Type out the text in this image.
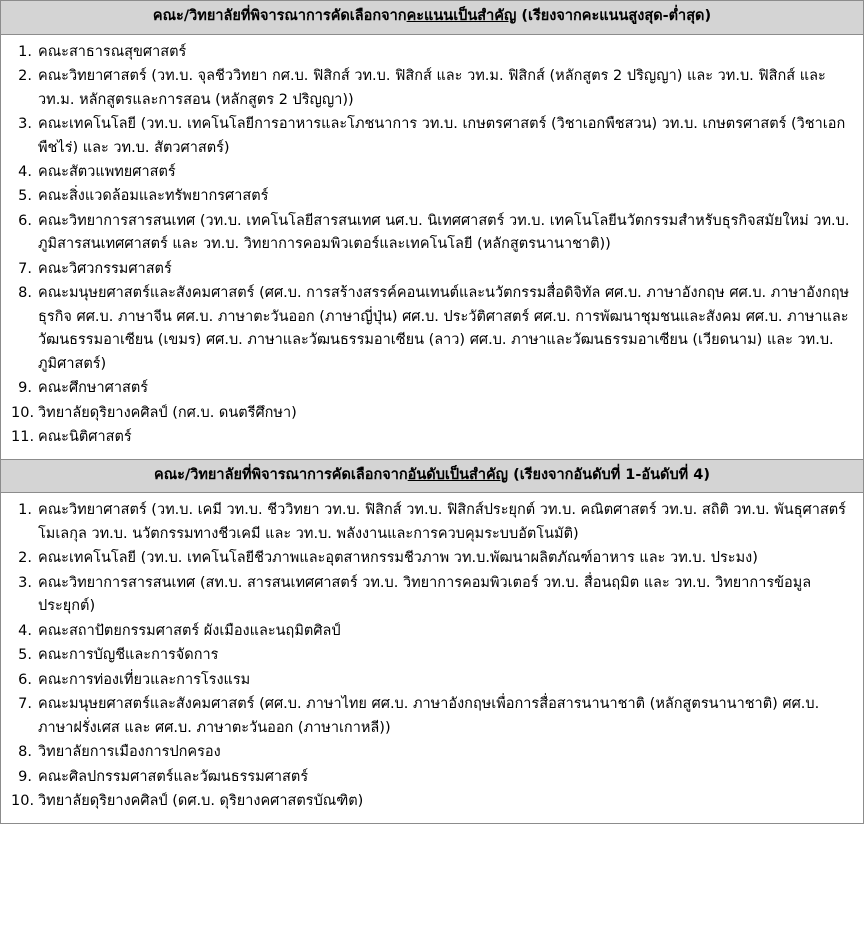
คณะ/วิทยาลัยที่พิจารณาการคัดเลือกจากคะแนนเป็นสำคัญ (เรียงจากคะแนนสูงสุด-ต่ำสุด)
1. คณะสาธารณสุขศาสตร์
2. คณะวิทยาศาสตร์ (วท.บ. จุลชีววิทยา กศ.บ. ฟิสิกส์ วท.บ. ฟิสิกส์ และ วท.ม. ฟิสิกส์ (หลักสูตร 2 ปริญญา) และ วท.บ. ฟิสิกส์ และ วท.ม. หลักสูตรและการสอน (หลักสูตร 2 ปริญญา))
3. คณะเทคโนโลยี (วท.บ. เทคโนโลยีการอาหารและโภชนาการ วท.บ. เกษตรศาสตร์ (วิชาเอกพืชสวน) วท.บ. เกษตรศาสตร์ (วิชาเอกพืชไร่) และ วท.บ. สัตวศาสตร์)
4. คณะสัตวแพทยศาสตร์
5. คณะสิ่งแวดล้อมและทรัพยากรศาสตร์
6. คณะวิทยาการสารสนเทศ (วท.บ. เทคโนโลยีสารสนเทศ นศ.บ. นิเทศศาสตร์ วท.บ. เทคโนโลยีนวัตกรรมสำหรับธุรกิจสมัยใหม่ วท.บ. ภูมิสารสนเทศศาสตร์ และ วท.บ. วิทยาการคอมพิวเตอร์และเทคโนโลยี (หลักสูตรนานาชาติ))
7. คณะวิศวกรรมศาสตร์
8. คณะมนุษยศาสตร์และสังคมศาสตร์ (ศศ.บ. การสร้างสรรค์คอนเทนต์และนวัตกรรมสื่อดิจิทัล ศศ.บ. ภาษาอังกฤษ ศศ.บ. ภาษาอังกฤษธุรกิจ ศศ.บ. ภาษาจีน ศศ.บ. ภาษาตะวันออก (ภาษาญี่ปุ่น) ศศ.บ. ประวัติศาสตร์ ศศ.บ. การพัฒนาชุมชนและสังคม ศศ.บ. ภาษาและวัฒนธรรมอาเซียน (เขมร) ศศ.บ. ภาษาและวัฒนธรรมอาเซียน (ลาว) ศศ.บ. ภาษาและวัฒนธรรมอาเซียน (เวียดนาม) และ วท.บ. ภูมิศาสตร์)
9. คณะศึกษาศาสตร์
10. วิทยาลัยดุริยางคศิลป์ (กศ.บ. ดนตรีศึกษา)
11. คณะนิติศาสตร์
คณะ/วิทยาลัยที่พิจารณาการคัดเลือกจากอันดับเป็นสำคัญ (เรียงจากอันดับที่ 1-อันดับที่ 4)
1. คณะวิทยาศาสตร์ (วท.บ. เคมี วท.บ. ชีววิทยา วท.บ. ฟิสิกส์ วท.บ. ฟิสิกส์ประยุกต์ วท.บ. คณิตศาสตร์ วท.บ. สถิติ วท.บ. พันธุศาสตร์โมเลกุล วท.บ. นวัตกรรมทางชีวเคมี และ วท.บ. พลังงานและการควบคุมระบบอัตโนมัติ)
2. คณะเทคโนโลยี (วท.บ. เทคโนโลยีชีวภาพและอุตสาหกรรมชีวภาพ วท.บ.พัฒนาผลิตภัณฑ์อาหาร และ วท.บ. ประมง)
3. คณะวิทยาการสารสนเทศ (สท.บ. สารสนเทศศาสตร์ วท.บ. วิทยาการคอมพิวเตอร์ วท.บ. สื่อนฤมิต และ วท.บ. วิทยาการข้อมูลประยุกต์)
4. คณะสถาปัตยกรรมศาสตร์ ผังเมืองและนฤมิตศิลป์
5. คณะการบัญชีและการจัดการ
6. คณะการท่องเที่ยวและการโรงแรม
7. คณะมนุษยศาสตร์และสังคมศาสตร์ (ศศ.บ. ภาษาไทย ศศ.บ. ภาษาอังกฤษเพื่อการสื่อสารนานาชาติ (หลักสูตรนานาชาติ) ศศ.บ. ภาษาฝรั่งเศส และ ศศ.บ. ภาษาตะวันออก (ภาษาเกาหลี))
8. วิทยาลัยการเมืองการปกครอง
9. คณะศิลปกรรมศาสตร์และวัฒนธรรมศาสตร์
10. วิทยาลัยดุริยางคศิลป์ (ดศ.บ. ดุริยางคศาสตรบัณฑิต)
